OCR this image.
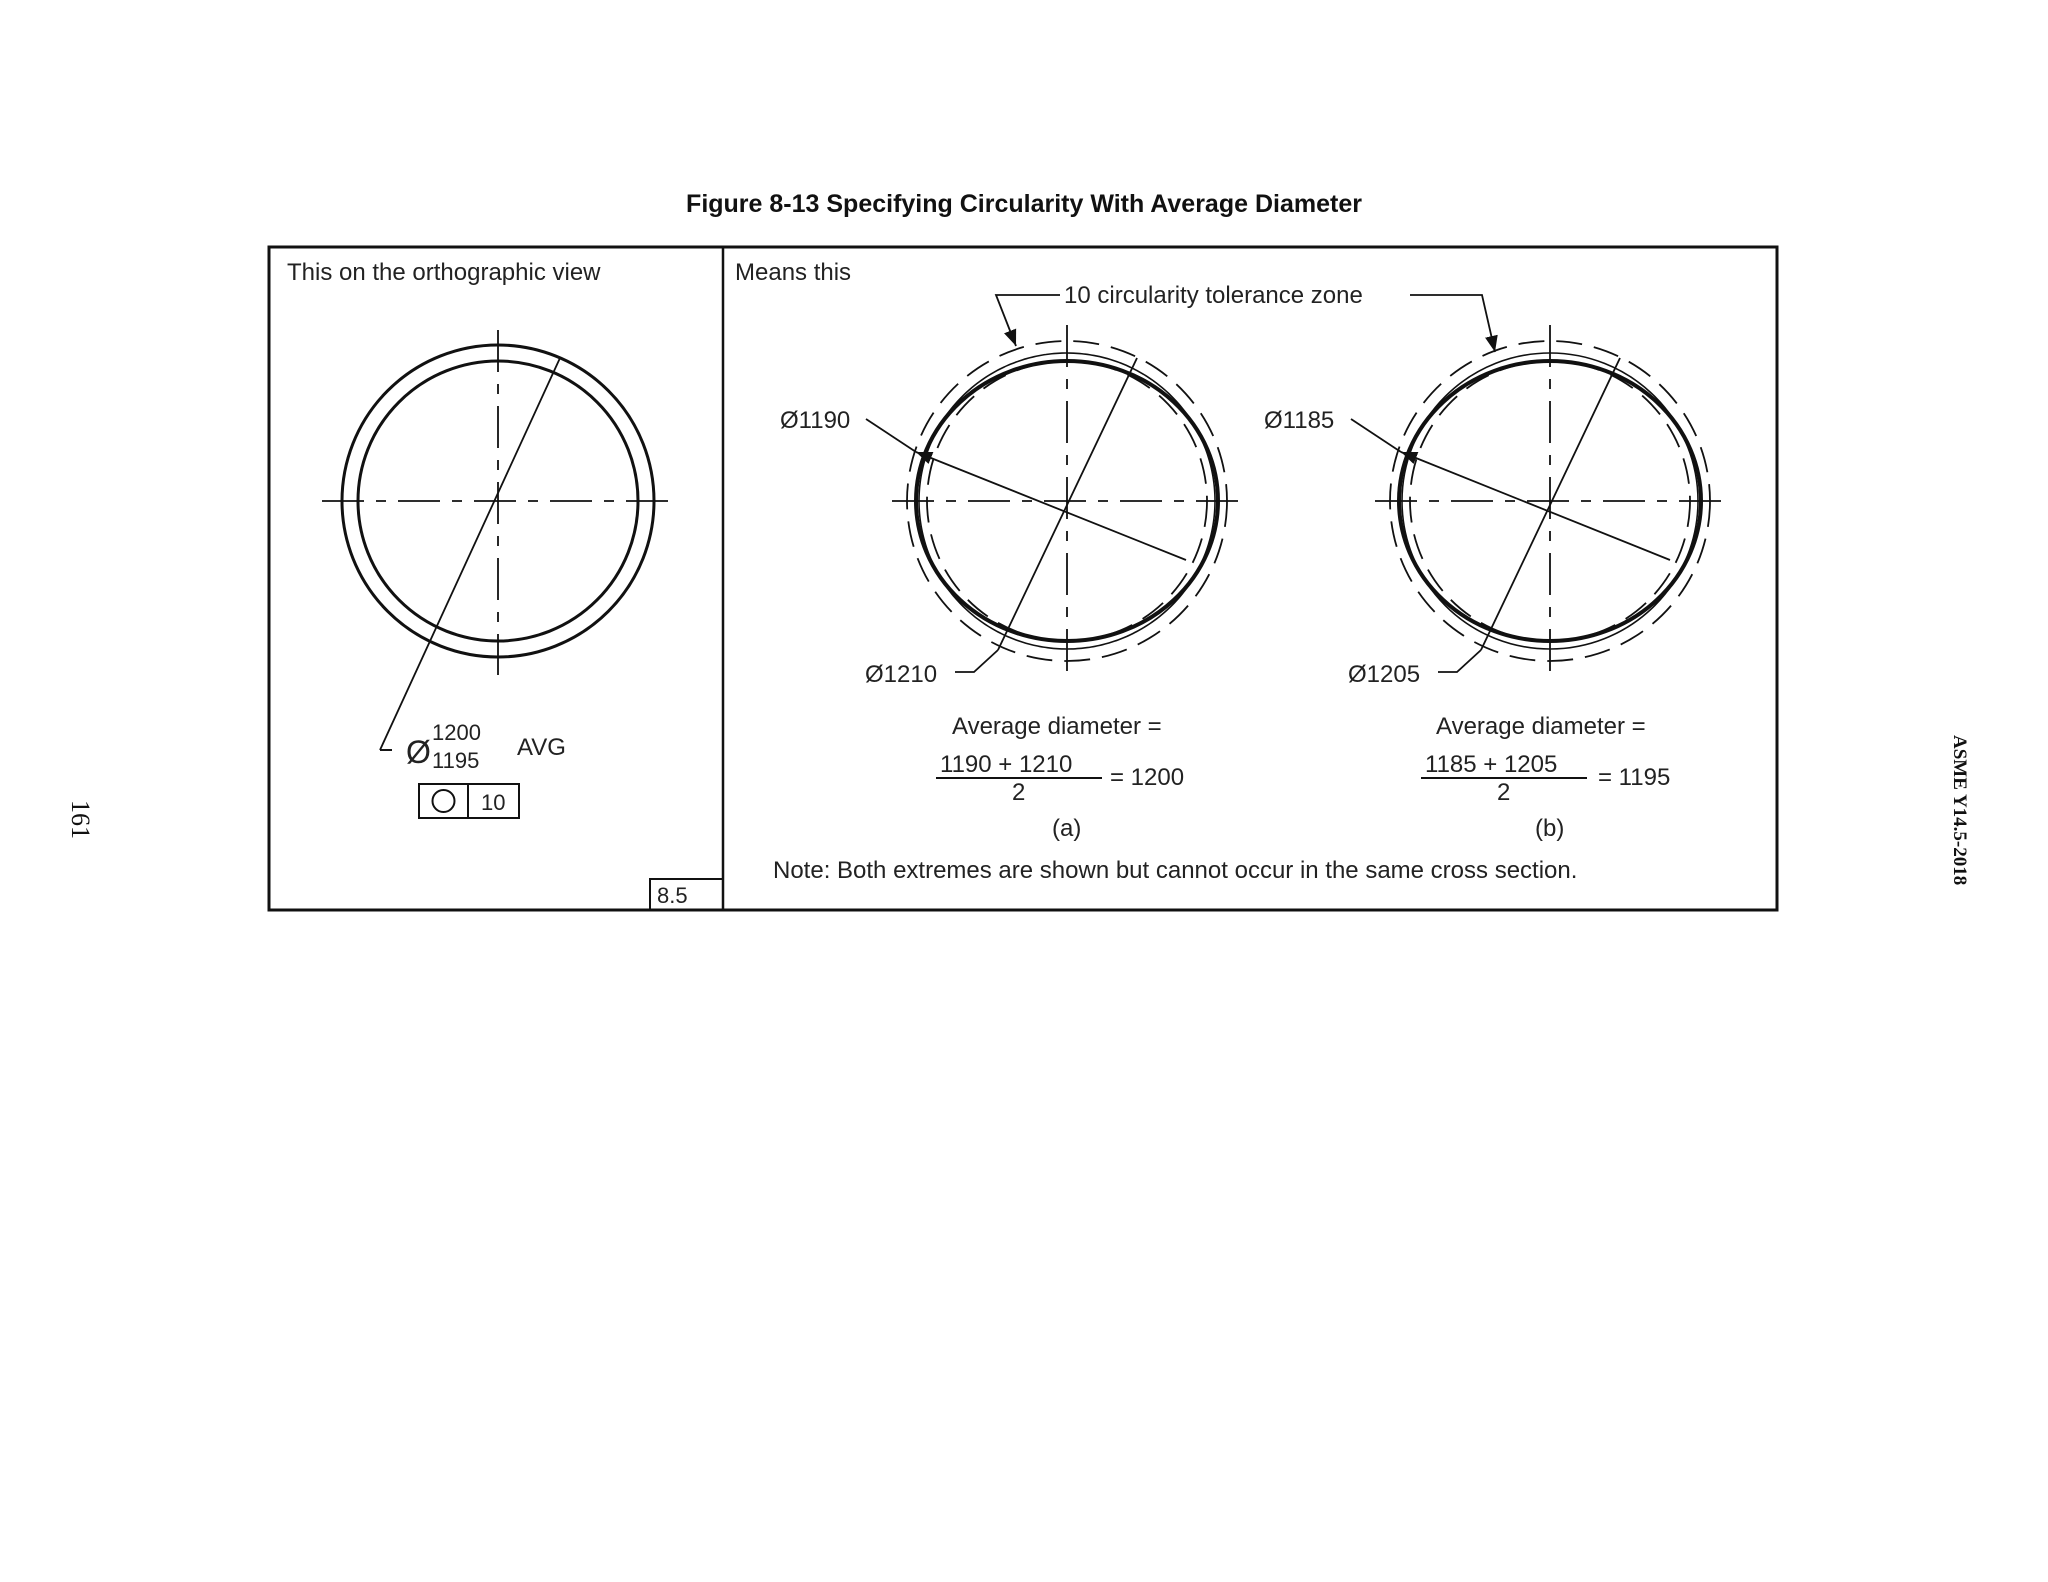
Figure 8-13 Specifying Circularity With Average Diameter
161	ASME Y14.5-2018
This on the orthographic view
Ø
1200
1195 AVG
10
8.5
Means this
10 circularity tolerance zone
Ø1190
Ø1210
Average diameter =
1190 + 1210
2
= 1200
(a)
Ø1185
Ø1205
Average diameter =
1185 + 1205
2
= 1195
(b)
Note: Both extremes are shown but cannot occur in the same cross section.
